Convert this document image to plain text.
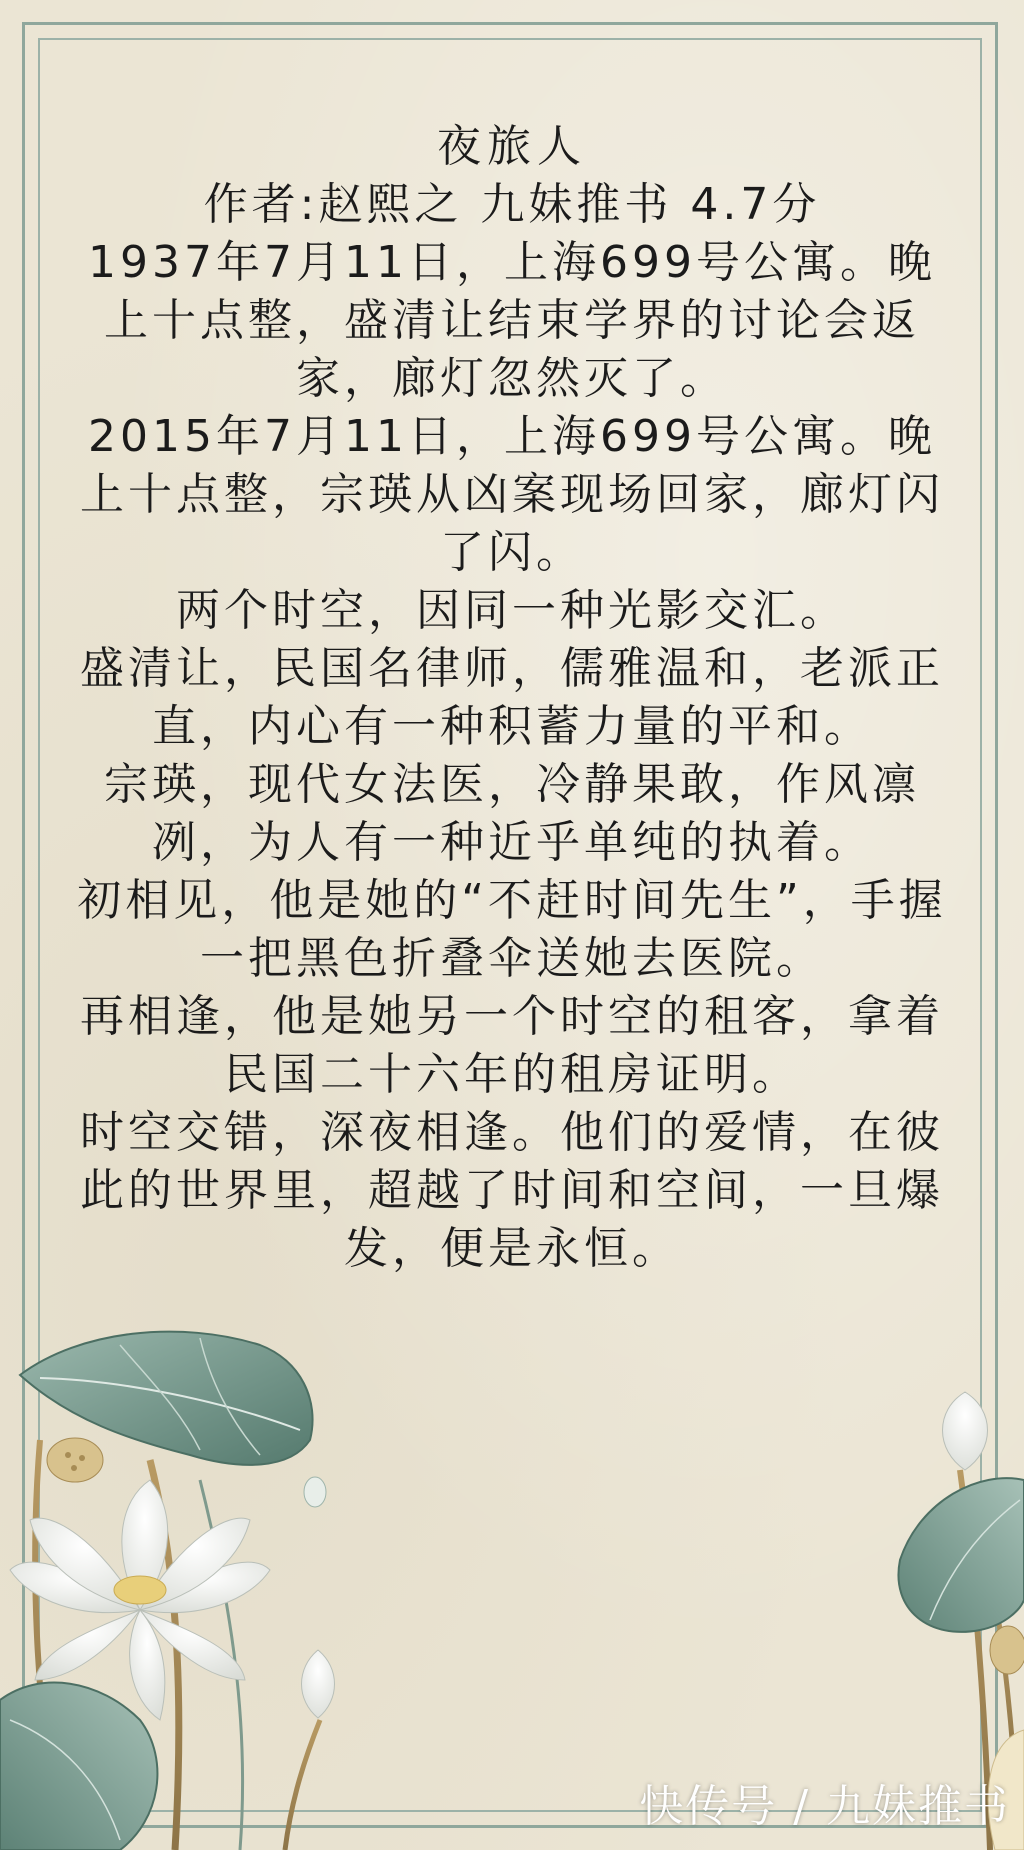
夜旅人

作者:赵熙之 九妹推书 4.7分

1937年7月11日，上海699号公寓。晚上十点整，盛清让结束学界的讨论会返家，廊灯忽然灭了。

2015年7月11日，上海699号公寓。晚上十点整，宗瑛从凶案现场回家，廊灯闪了闪。

两个时空，因同一种光影交汇。

盛清让，民国名律师，儒雅温和，老派正直，内心有一种积蓄力量的平和。

宗瑛，现代女法医，冷静果敢，作风凛冽，为人有一种近乎单纯的执着。

初相见，他是她的“不赶时间先生”，手握一把黑色折叠伞送她去医院。

再相逢，他是她另一个时空的租客，拿着民国二十六年的租房证明。

时空交错，深夜相逢。他们的爱情，在彼此的世界里，超越了时间和空间，一旦爆发，便是永恒。

快传号 / 九妹推书
